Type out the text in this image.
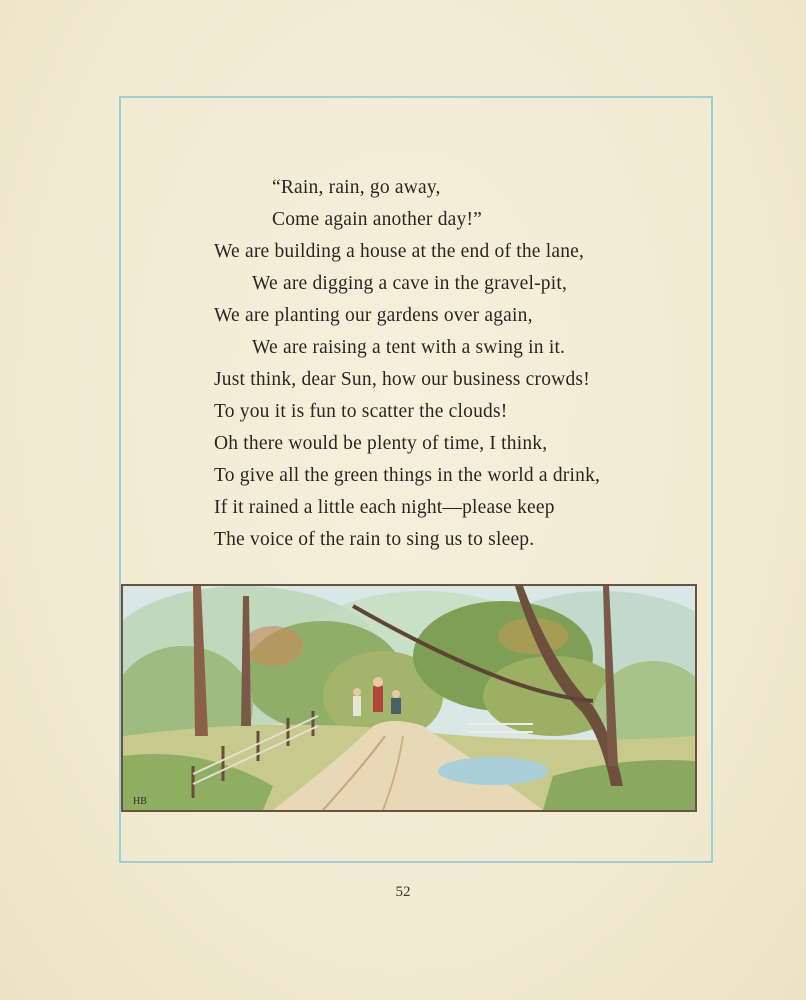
“Rain, rain, go away,
Come again another day!”
We are building a house at the end of the lane,
We are digging a cave in the gravel-pit,
We are planting our gardens over again,
We are raising a tent with a swing in it.
Just think, dear Sun, how our business crowds!
To you it is fun to scatter the clouds!
Oh there would be plenty of time, I think,
To give all the green things in the world a drink,
If it rained a little each night—please keep
The voice of the rain to sing us to sleep.
HB
52
